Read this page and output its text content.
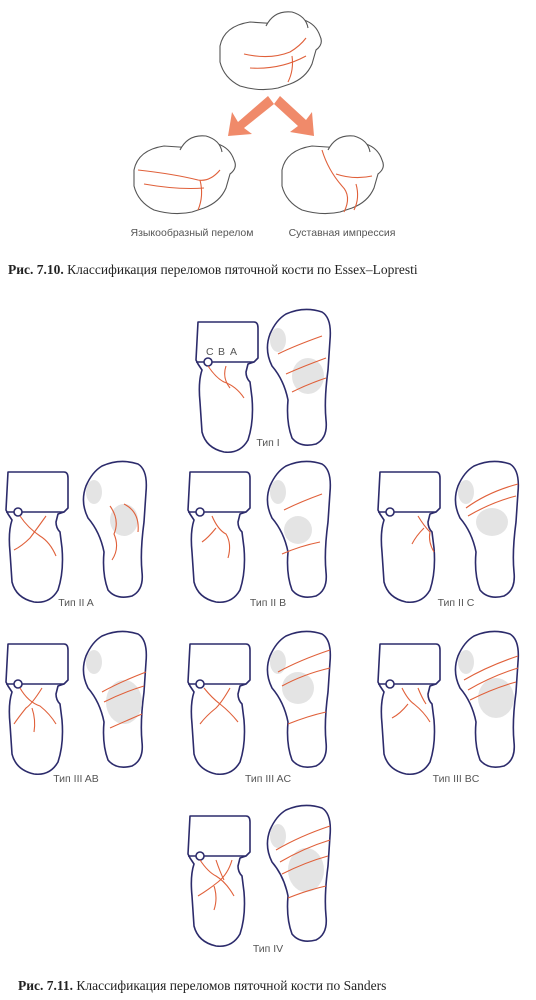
Языкообразный перелом	Суставная импрессия
Рис. 7.10. Классификация переломов пяточной кости по Essex–Lopresti
C B A
Тип I
Тип II A	Тип II B	Тип II C
Тип III AB	Тип III AC	Тип III BC
Тип IV
Рис. 7.11. Классификация переломов пяточной кости по Sanders
